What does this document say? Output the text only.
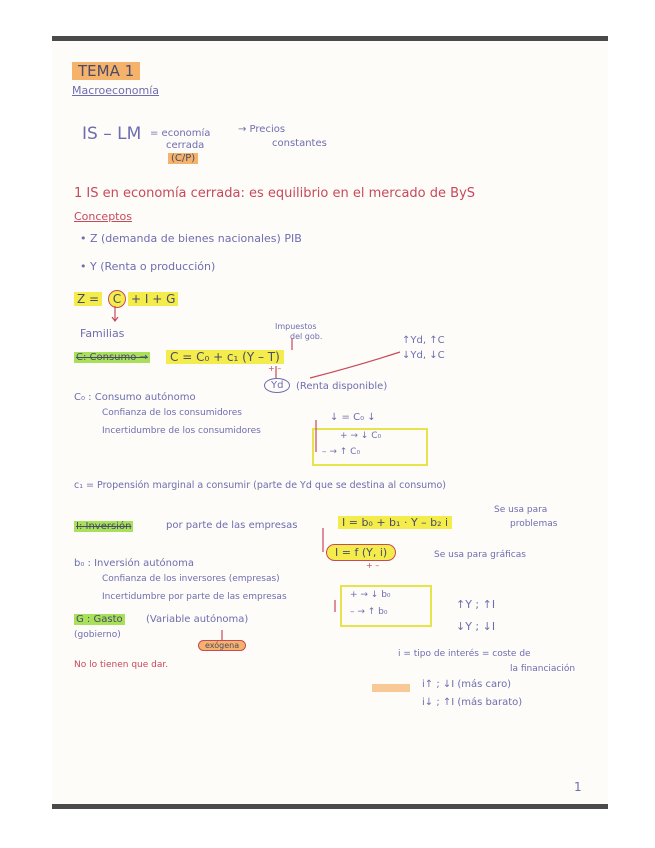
TEMA 1
Macroeconomía
IS – LM = economía
cerrada
(C/P)
→ Precios
constantes
1 IS en economía cerrada: es equilibrio en el mercado de ByS
Conceptos
• Z (demanda de bienes nacionales) PIB
• Y (Renta o producción)
Z =	C + I + G
Familias
Impuestos
del gob.
C: Consumo →	C = C₀ + c₁ (Y – T)
+ –
Yd	(Renta disponible)
↑Yd, ↑C
↓Yd, ↓C
C₀ : Consumo autónomo
Confianza de los consumidores
Incertidumbre de los consumidores
↓ = C₀ ↓
+ → ↓ C₀
– → ↑ C₀
c₁ = Propensión marginal a consumir (parte de Yd que se destina al consumo)
I: Inversión	por parte de las empresas	I = b₀ + b₁ · Y – b₂ i
Se usa para
problemas
I = f (Y, i)
+ –
Se usa para gráficas
b₀ : Inversión autónoma
Confianza de los inversores (empresas)
Incertidumbre por parte de las empresas	+ → ↓ b₀
– → ↑ b₀
↑Y ; ↑I
↓Y ; ↓I
G : Gasto (Variable autónoma)
(gobierno)
exógena
No lo tienen que dar.
i = tipo de interés = coste de
la financiación
i↑ ; ↓I (más caro)
i↓ ; ↑I (más barato)
1
